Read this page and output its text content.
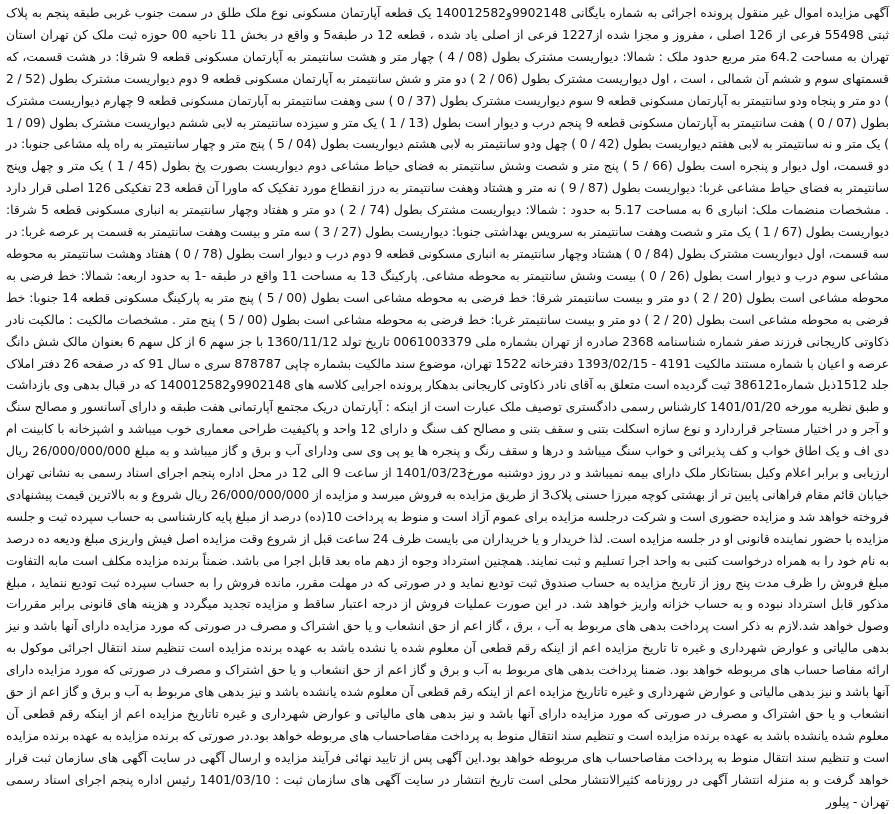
آگهی مزایده اموال غیر منقول پرونده اجرائی به شماره بایگانی 9902148و140012582 یک قطعه آپارتمان مسکونی نوع ملک طلق در سمت جنوب غربی طبقه پنجم به پلاک ثبتی 55498 فرعی از 126 اصلی ، مفروز و مجزا شده از1227 فرعی از اصلی یاد شده ، قطعه 12 در طبقه5 و واقع در بخش 11 ناحیه 00 حوزه ثبت ملک کن تهران استان تهران به مساحت 64.2 متر مربع حدود ملک : شمالا: دیواریست مشترک بطول (08 / 4 ) چهار متر و هشت سانتیمتر به آپارتمان مسکونی قطعه 9 شرقا: در هشت قسمت، که قسمتهای سوم و ششم آن شمالی ، است ، اول دیواریست مشترک بطول (06 / 2 ) دو متر و شش سانتیمتر به آپارتمان مسکونی قطعه 9 دوم دیواریست مشترک بطول (52 / 2 ) دو متر و پنجاه ودو سانتیمتر به آپارتمان مسکونی قطعه 9 سوم دیواریست مشترک بطول (37 / 0 ) سی وهفت سانتیمتر به آپارتمان مسکونی قطعه 9 چهارم دیواریست مشترک بطول (07 / 0 ) هفت سانتیمتر به آپارتمان مسکونی قطعه 9 پنجم درب و دیوار است بطول (13 / 1 ) یک متر و سیزده سانتیمتر به لابی ششم دیواریست مشترک بطول (09 / 1 ) یک متر و نه سانتیمتر به لابی هفتم دیواریست بطول (42 / 0 ) چهل ودو سانتیمتر به لابی هشتم دیواریست بطول (04 / 5 ) پنج متر و چهار سانتیمتر به راه پله مشاعی جنوبا: در دو قسمت، اول دیوار و پنجره است بطول (66 / 5 ) پنج متر و شصت وشش سانتیمتر به فضای حیاط مشاعی دوم دیواریست بصورت پخ بطول (45 / 1 ) یک متر و چهل وپنج سانتیمتر به فضای حیاط مشاعی غربا: دیواریست بطول (87 / 9 ) نه متر و هشتاد وهفت سانتیمتر به درز انقطاع مورد تفکیک که ماورا آن قطعه 23 تفکیکی 126 اصلی قرار دارد . مشخصات منضمات ملک: انباری 6 به مساحت 5.17 به حدود : شمالا: دیواریست مشترک بطول (74 / 2 ) دو متر و هفتاد وچهار سانتیمتر به انباری مسکونی قطعه 5 شرقا: دیواریست بطول (67 / 1 ) یک متر و شصت وهفت سانتیمتر به سرویس بهداشتی جنوبا: دیواریست بطول (27 / 3 ) سه متر و بیست وهفت سانتیمتر به قسمت پر عرصه غربا: در سه قسمت، اول دیواریست مشترک بطول (84 / 0 ) هشتاد وچهار سانتیمتر به انباری مسکونی قطعه 9 دوم درب و دیوار است بطول (78 / 0 ) هفتاد وهشت سانتیمتر به محوطه مشاعی سوم درب و دیوار است بطول (26 / 0 ) بیست وشش سانتیمتر به محوطه مشاعی. پارکینگ 13 به مساحت 11 واقع در طبقه -1 به حدود اربعه: شمالا: خط فرضی به محوطه مشاعی است بطول (20 / 2 ) دو متر و بیست سانتیمتر شرقا: خط فرضی به محوطه مشاعی است بطول (00 / 5 ) پنج متر به پارکینگ مسکونی قطعه 14 جنوبا: خط فرضی به محوطه مشاعی است بطول (20 / 2 ) دو متر و بیست سانتیمتر غربا: خط فرضی به محوطه مشاعی است بطول (00 / 5 ) پنج متر . مشخصات مالکیت : مالکیت نادر ذکاوتی کاریجانی فرزند صفر شماره شناسنامه 2368 صادره از تهران بشماره ملی 0061003379 تاریخ تولد 1360/11/12 با جز سهم 6 از کل سهم 6 بعنوان مالک شش دانگ عرصه و اعیان با شماره مستند مالکیت 4191 - 1393/02/15 دفترخانه 1522 تهران، موضوع سند مالکیت بشماره چاپی 878787 سری ه سال 91 که در صفحه 26 دفتر املاک جلد 1512ذیل شماره386121 ثبت گردیده است متعلق به آقای نادر ذکاوتی کاریجانی بدهکار پرونده اجرایی کلاسه های 9902148و140012582 که در قبال بدهی وی بازداشت و طبق نظریه مورخه 1401/01/20 کارشناس رسمی دادگستری توصیف ملک عبارت است از اینکه : آپارتمان دریک مجتمع آپارتمانی هفت طبقه و دارای آسانسور و مصالح سنگ و آجر و در اختیار مستاجر قراردارد و نوع سازه اسکلت بتنی و سقف بتنی و مصالح کف سنگ و دارای 12 واحد و پاکیفیت طراحی معماری خوب میباشد و اشپزخانه با کابینت ام دی اف و یک اطاق خواب و کف پذیرائی و خواب سنگ میباشد و درها و سقف رنگ و پنجره ها یو پی وی سی ودارای آب و برق و گاز میباشد و به مبلغ 26/000/000/000 ریال ارزیابی و برابر اعلام وکیل بستانکار ملک دارای بیمه نمیباشد و در روز دوشنبه مورخ1401/03/23 از ساعت 9 الی 12 در محل اداره پنجم اجرای اسناد رسمی به نشانی تهران خیابان قائم مقام فراهانی پایین تر از بهشتی کوچه میرزا حسنی پلاک3 از طریق مزایده به فروش میرسد و مزایده از 26/000/000/000 ریال شروع و به بالاترین قیمت پیشنهادی فروخته خواهد شد و مزایده حضوری است و شرکت درجلسه مزایده برای عموم آزاد است و منوط به پرداخت 10(ده) درصد از مبلغ پایه کارشناسی به حساب سپرده ثبت و جلسه مزایده با حضور نماینده قانونی او در جلسه مزایده است. لذا خریدار و یا خریداران می بایست ظرف 24 ساعت قبل از شروع وقت مزایده اصل فیش واریزی مبلغ ودیعه ده درصد به نام خود را به همراه درخواست کتبی به واحد اجرا تسلیم و ثبت نمایند. همچنین استرداد وجوه از دهم ماه بعد قابل اجرا می باشد. ضمناً برنده مزایده مکلف است مابه التفاوت مبلغ فروش را ظرف مدت پنج روز از تاریخ مزایده به حساب صندوق ثبت تودیع نماید و در صورتی که در مهلت مقرر، مانده فروش را به حساب سپرده ثبت تودیع ننماید ، مبلغ مذکور قابل استرداد نبوده و به حساب خزانه واریز خواهد شد. در این صورت عملیات فروش از درجه اعتبار ساقط و مزایده تجدید میگردد و هزینه های قانونی برابر مقررات وصول خواهد شد.لازم به ذکر است پرداخت بدهی های مربوط به آب ، برق ، گاز اعم از حق انشعاب و یا حق اشتراک و مصرف در صورتی که مورد مزایده دارای آنها باشد و نیز بدهی مالیاتی و عوارض شهرداری و غیره تا تاریخ مزایده اعم از اینکه رقم قطعی آن معلوم شده یا نشده باشد به عهده برنده مزایده است تنظیم سند انتقال اجرائی موکول به ارائه مفاصا حساب های مربوطه خواهد بود. ضمنا پرداخت بدهی های مربوط به آب و برق و گاز اعم از حق انشعاب و یا حق اشتراک و مصرف در صورتی که مورد مزایده دارای آنها باشد و نیز بدهی مالیاتی و عوارض شهرداری و غیره تاتاریخ مزایده اعم از اینکه رقم قطعی آن معلوم شده یانشده باشد و نیز بدهی های مربوط به آب و برق و گاز اعم از حق انشعاب و یا حق اشتراک و مصرف در صورتی که مورد مزایده دارای آنها باشد و نیز بدهی های مالیاتی و عوارض شهرداری و غیره تاتاریخ مزایده اعم از اینکه رقم قطعی آن معلوم شده یانشده باشد به عهده برنده مزایده است و تنظیم سند انتقال منوط به پرداخت مفاصاحساب های مربوطه خواهد بود.در صورتی که برنده مزایده به عهده برنده مزایده است و تنظیم سند انتقال منوط به پرداخت مفاصاحساب های مربوطه خواهد بود.این آگهی پس از تایید نهائی فرآیند مزایده و ارسال آگهی در سایت آگهی های سازمان ثبت قرار خواهد گرفت و به منزله انتشار آگهی در روزنامه کثیرالانتشار محلی است تاریخ انتشار در سایت آگهی های سازمان ثبت : 1401/03/10 رئیس اداره پنجم اجرای اسناد رسمی تهران - پیلور
